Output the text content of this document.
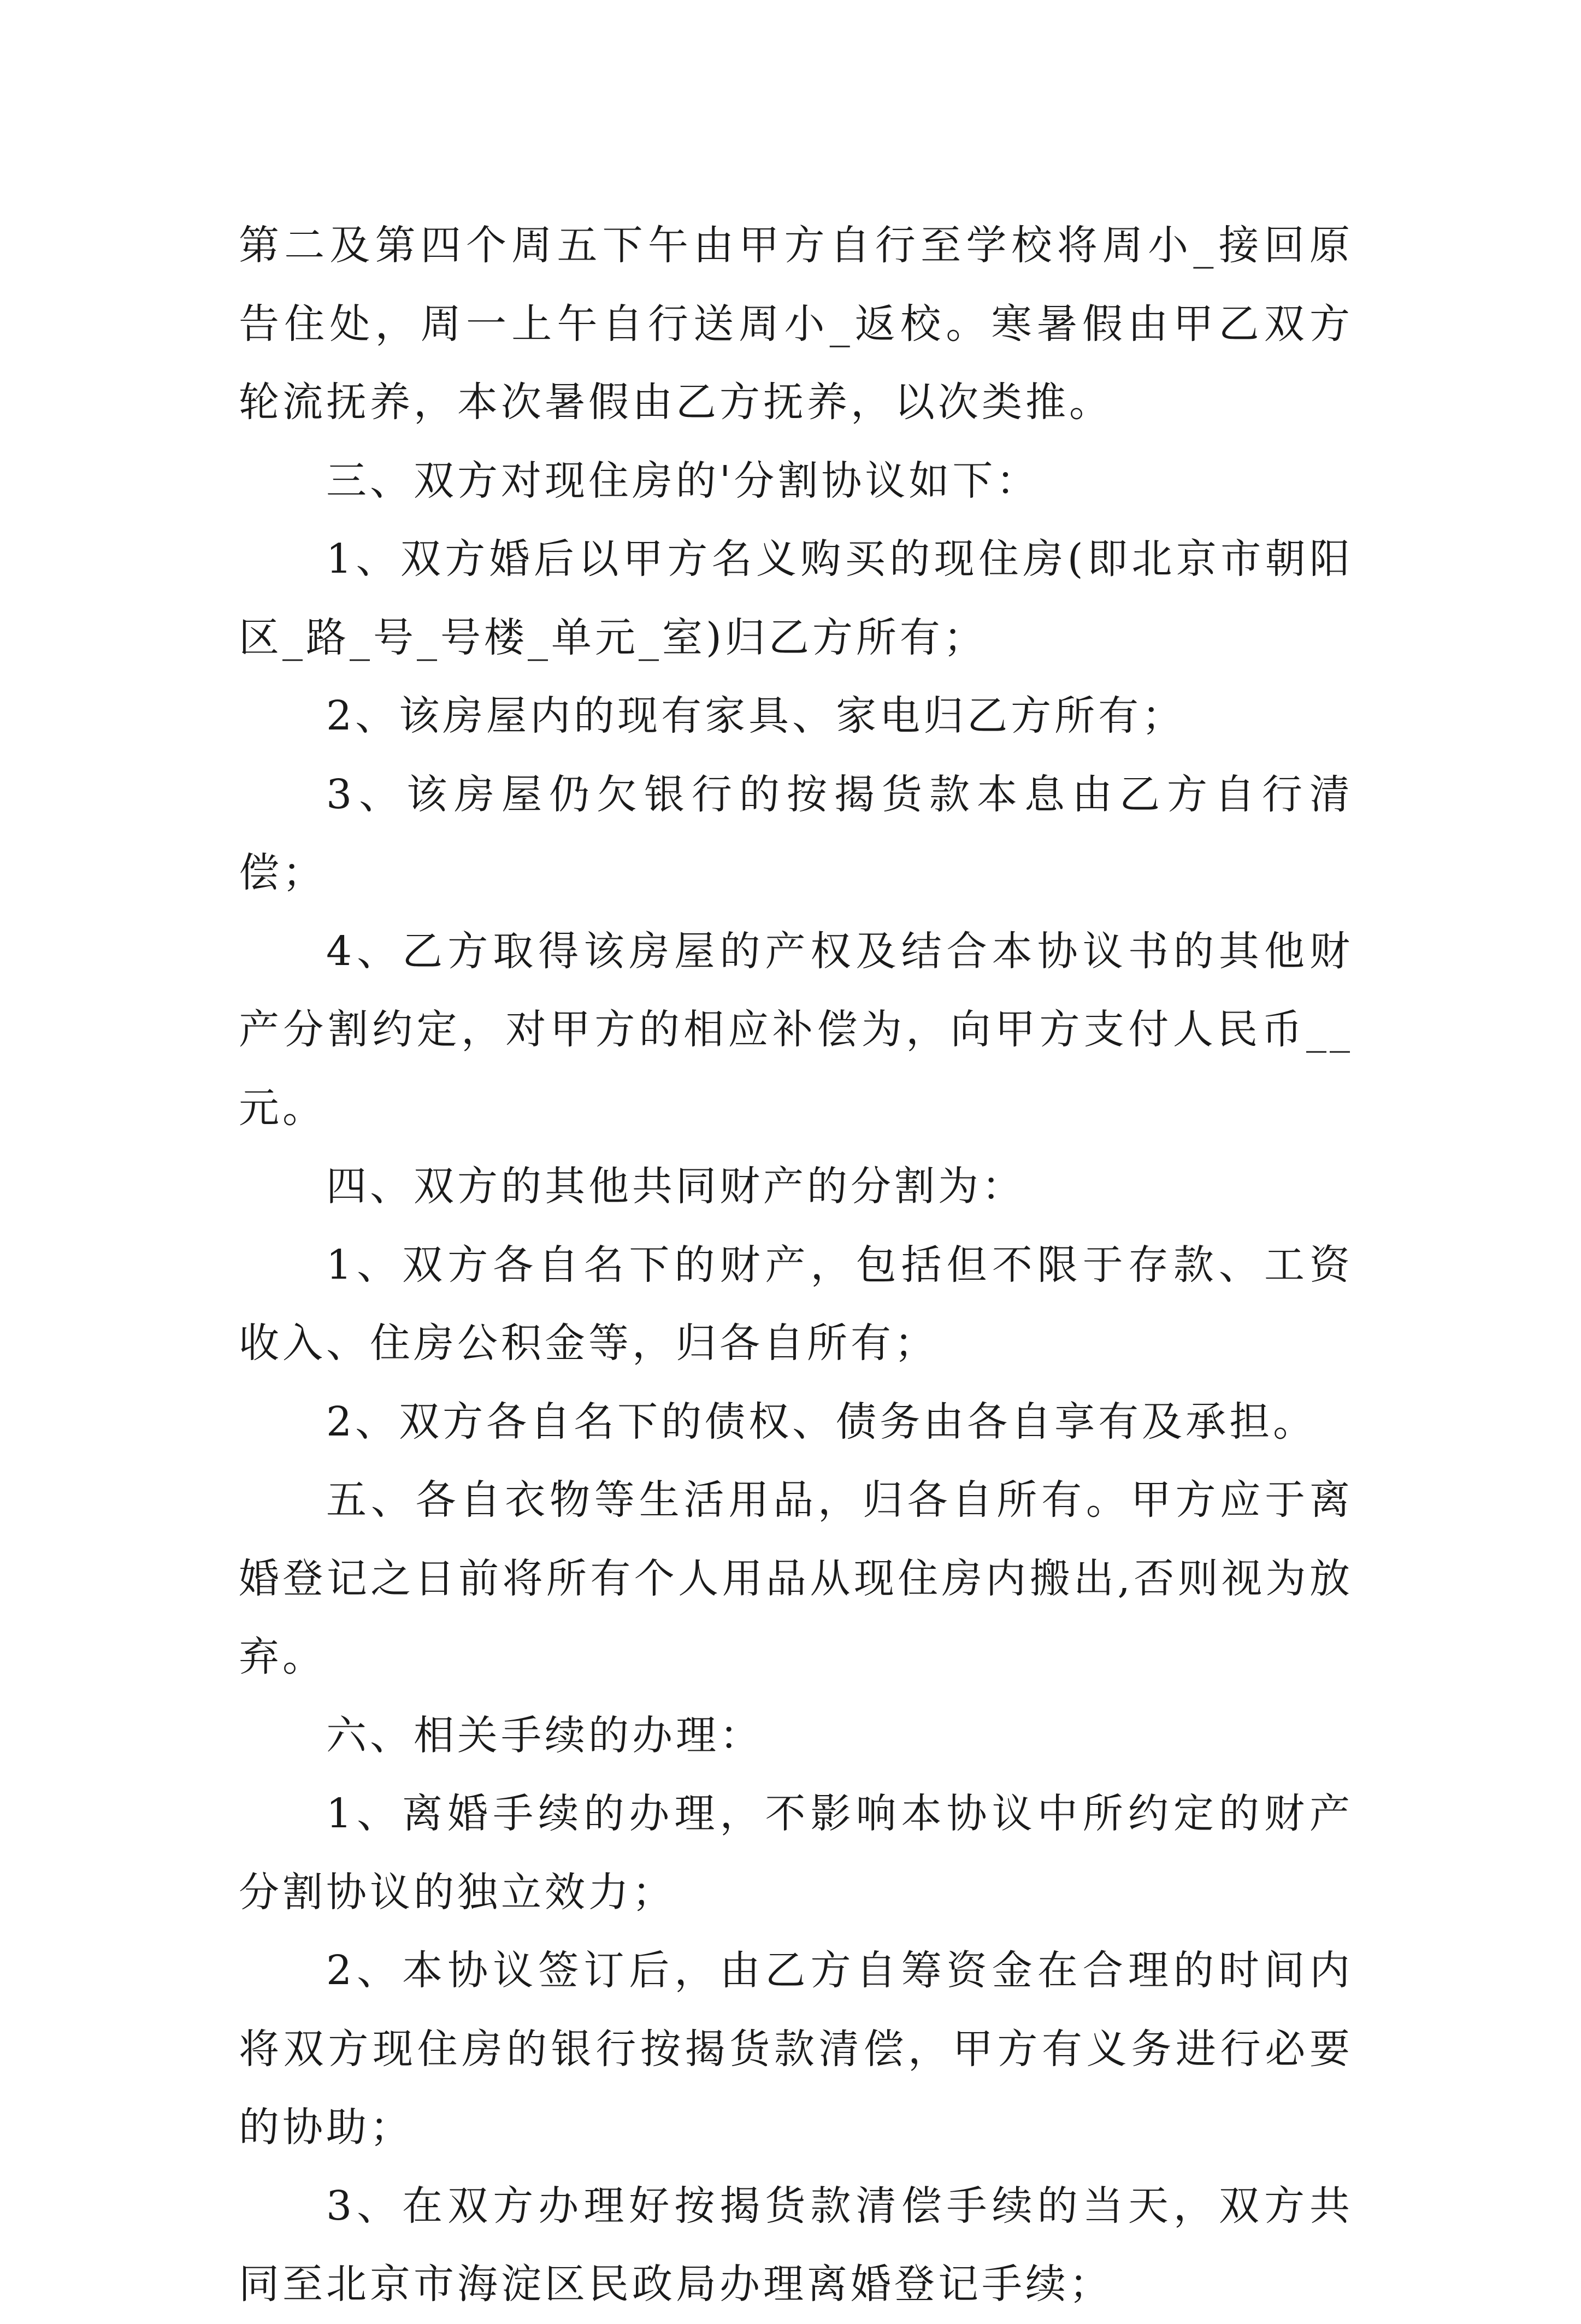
第二及第四个周五下午由甲方自行至学校将周小_接回原告住处，周一上午自行送周小_返校。寒暑假由甲乙双方轮流抚养，本次暑假由乙方抚养，以次类推。

三、双方对现住房的'分割协议如下：

1、双方婚后以甲方名义购买的现住房(即北京市朝阳区_路_号_号楼_单元_室)归乙方所有；

2、该房屋内的现有家具、家电归乙方所有；

3、该房屋仍欠银行的按揭货款本息由乙方自行清偿；

4、乙方取得该房屋的产权及结合本协议书的其他财产分割约定，对甲方的相应补偿为，向甲方支付人民币__元。

四、双方的其他共同财产的分割为：

1、双方各自名下的财产，包括但不限于存款、工资收入、住房公积金等，归各自所有；

2、双方各自名下的债权、债务由各自享有及承担。

五、各自衣物等生活用品，归各自所有。甲方应于离婚登记之日前将所有个人用品从现住房内搬出,否则视为放弃。

六、相关手续的办理：

1、离婚手续的办理，不影响本协议中所约定的财产分割协议的独立效力；

2、本协议签订后，由乙方自筹资金在合理的时间内将双方现住房的银行按揭货款清偿，甲方有义务进行必要的协助；

3、在双方办理好按揭货款清偿手续的当天，双方共同至北京市海淀区民政局办理离婚登记手续；
